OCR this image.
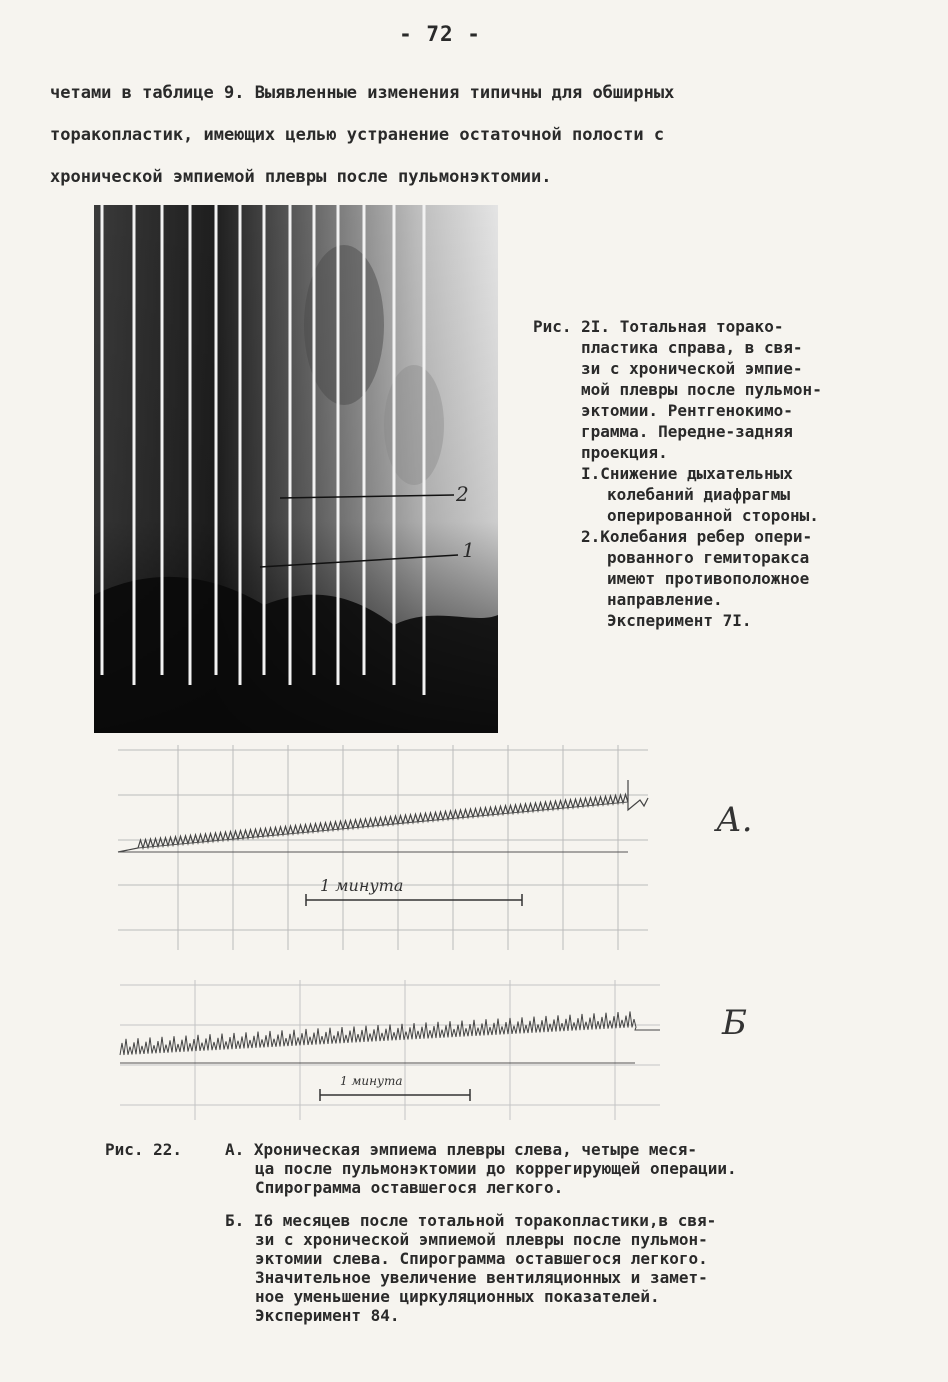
- 72 -
четами в таблице 9. Выявленные изменения типичны для обширных
торакопластик, имеющих целью устранение остаточной полости с
хронической эмпиемой плевры после пульмонэктомии.
2
1
Рис. 2I. Тотальная торако-
пластика справа, в свя-
зи с хронической эмпие-
мой плевры после пульмон-
эктомии. Рентгенокимо-
грамма. Передне-задняя
проекция.
I.Снижение дыхательных
колебаний диафрагмы
оперированной стороны.
2.Колебания ребер опери-
рованного гемиторакса
имеют противоположное
направление.
Эксперимент 7I.
1 минута
А.
1 минута
Б
Рис. 22.	А. Хроническая эмпиема плевры слева, четыре меся-
ца после пульмонэктомии до коррегирующей операции.
Спирограмма оставшегося легкого.
Б. I6 месяцев после тотальной торакопластики,в свя-
зи с хронической эмпиемой плевры после пульмон-
эктомии слева. Спирограмма оставшегося легкого.
Значительное увеличение вентиляционных и замет-
ное уменьшение циркуляционных показателей.
Эксперимент 84.
